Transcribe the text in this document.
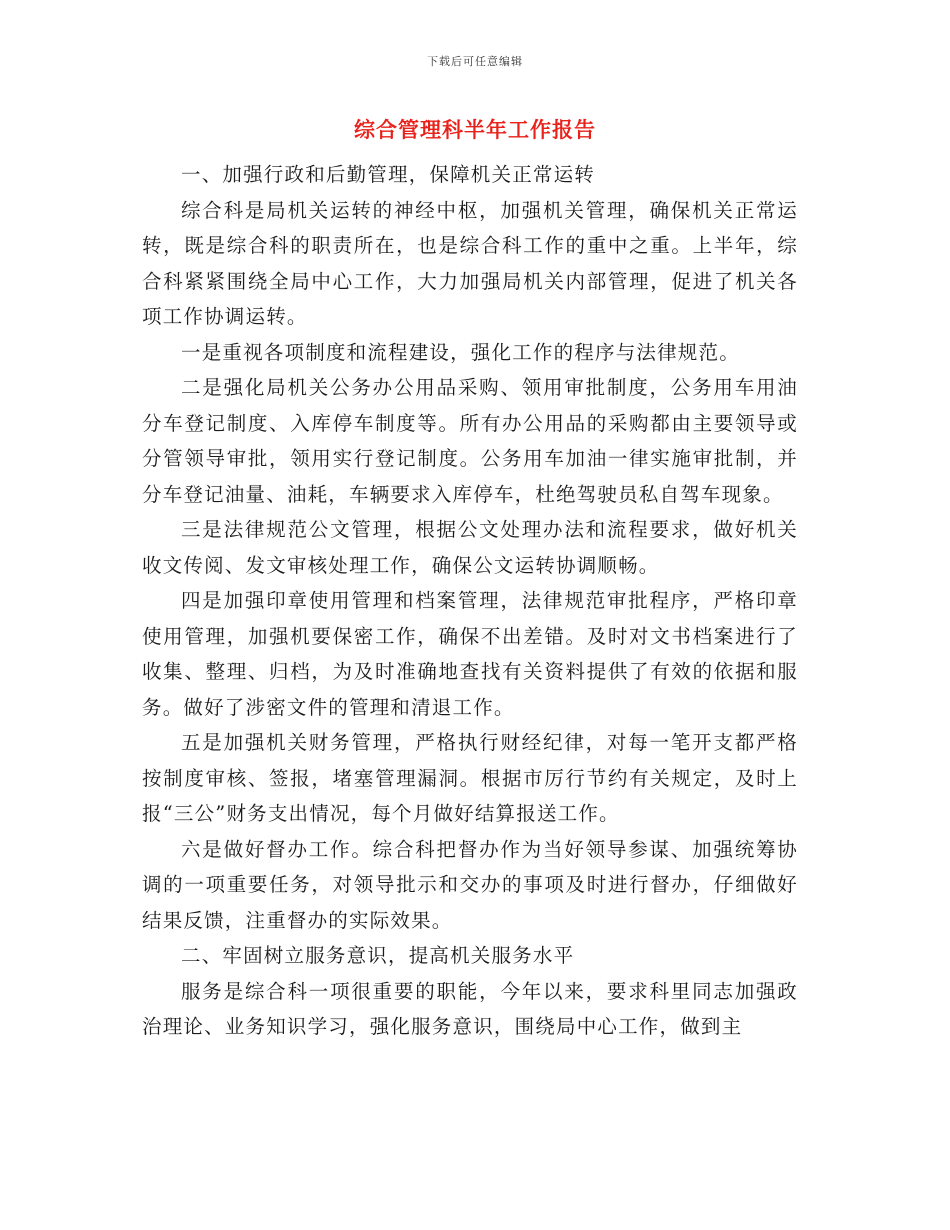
下载后可任意编辑
综合管理科半年工作报告

一、加强行政和后勤管理，保障机关正常运转

综合科是局机关运转的神经中枢，加强机关管理，确保机关正常运转，既是综合科的职责所在，也是综合科工作的重中之重。上半年，综合科紧紧围绕全局中心工作，大力加强局机关内部管理，促进了机关各项工作协调运转。

一是重视各项制度和流程建设，强化工作的程序与法律规范。

二是强化局机关公务办公用品采购、领用审批制度，公务用车用油分车登记制度、入库停车制度等。所有办公用品的采购都由主要领导或分管领导审批，领用实行登记制度。公务用车加油一律实施审批制，并分车登记油量、油耗，车辆要求入库停车，杜绝驾驶员私自驾车现象。

三是法律规范公文管理，根据公文处理办法和流程要求，做好机关收文传阅、发文审核处理工作，确保公文运转协调顺畅。

四是加强印章使用管理和档案管理，法律规范审批程序，严格印章使用管理，加强机要保密工作，确保不出差错。及时对文书档案进行了收集、整理、归档，为及时准确地查找有关资料提供了有效的依据和服务。做好了涉密文件的管理和清退工作。

五是加强机关财务管理，严格执行财经纪律，对每一笔开支都严格按制度审核、签报，堵塞管理漏洞。根据市厉行节约有关规定，及时上报“三公”财务支出情况，每个月做好结算报送工作。

六是做好督办工作。综合科把督办作为当好领导参谋、加强统筹协调的一项重要任务，对领导批示和交办的事项及时进行督办，仔细做好结果反馈，注重督办的实际效果。

二、牢固树立服务意识，提高机关服务水平

服务是综合科一项很重要的职能，今年以来，要求科里同志加强政治理论、业务知识学习，强化服务意识，围绕局中心工作，做到主
